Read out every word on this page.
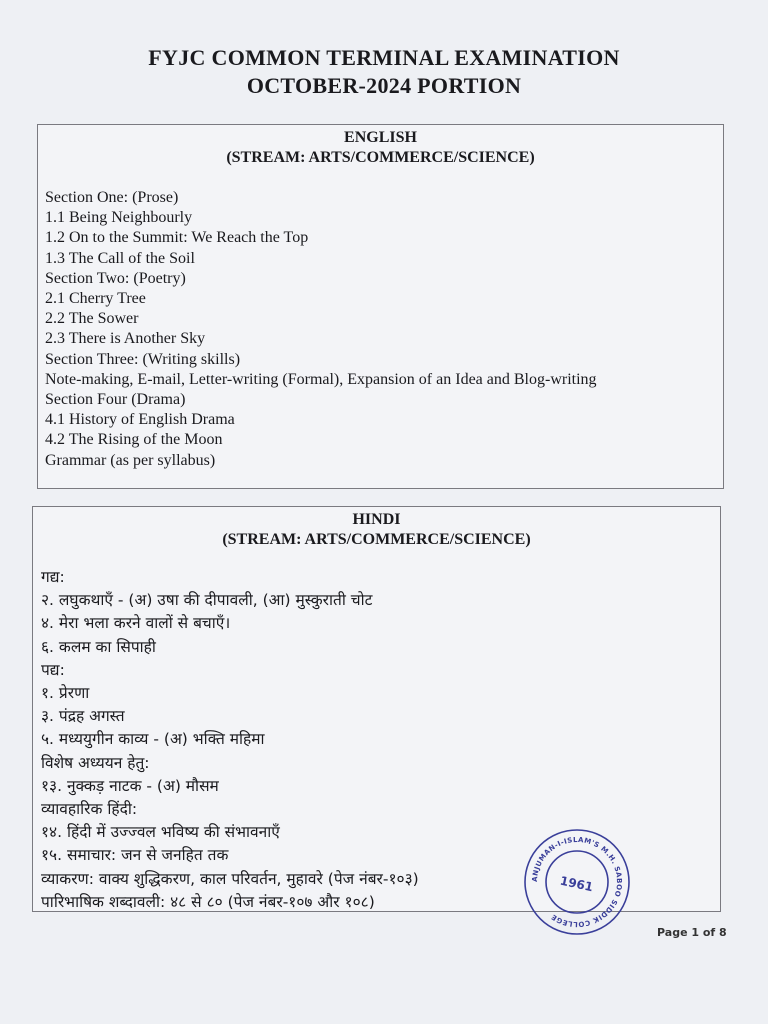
FYJC COMMON TERMINAL EXAMINATION
OCTOBER-2024 PORTION
ENGLISH
(STREAM: ARTS/COMMERCE/SCIENCE)
Section One: (Prose)
1.1 Being Neighbourly
1.2 On to the Summit: We Reach the Top
1.3 The Call of the Soil
Section Two: (Poetry)
2.1 Cherry Tree
2.2 The Sower
2.3 There is Another Sky
Section Three: (Writing skills)
Note-making, E-mail, Letter-writing (Formal), Expansion of an Idea and Blog-writing
Section Four (Drama)
4.1 History of English Drama
4.2 The Rising of the Moon
Grammar (as per syllabus)
HINDI
(STREAM: ARTS/COMMERCE/SCIENCE)
गद्य:
२. लघुकथाएँ - (अ) उषा की दीपावली, (आ) मुस्कुराती चोट
४. मेरा भला करने वालों से बचाएँ।
६. कलम का सिपाही
पद्य:
१. प्रेरणा
३. पंद्रह अगस्त
५. मध्ययुगीन काव्य - (अ) भक्ति महिमा
विशेष अध्ययन हेतु:
१३. नुक्कड़ नाटक - (अ) मौसम
व्यावहारिक हिंदी:
१४. हिंदी में उज्ज्वल भविष्य की संभावनाएँ
१५. समाचार: जन से जनहित तक
व्याकरण: वाक्य शुद्धिकरण, काल परिवर्तन, मुहावरे (पेज नंबर-१०३)
पारिभाषिक शब्दावली: ४८ से ८० (पेज नंबर-१०७ और १०८)
ANJUMAN-I-ISLAM'S M.H. SABOO SIDDIK COLLEGE
1961
Page 1 of 8
